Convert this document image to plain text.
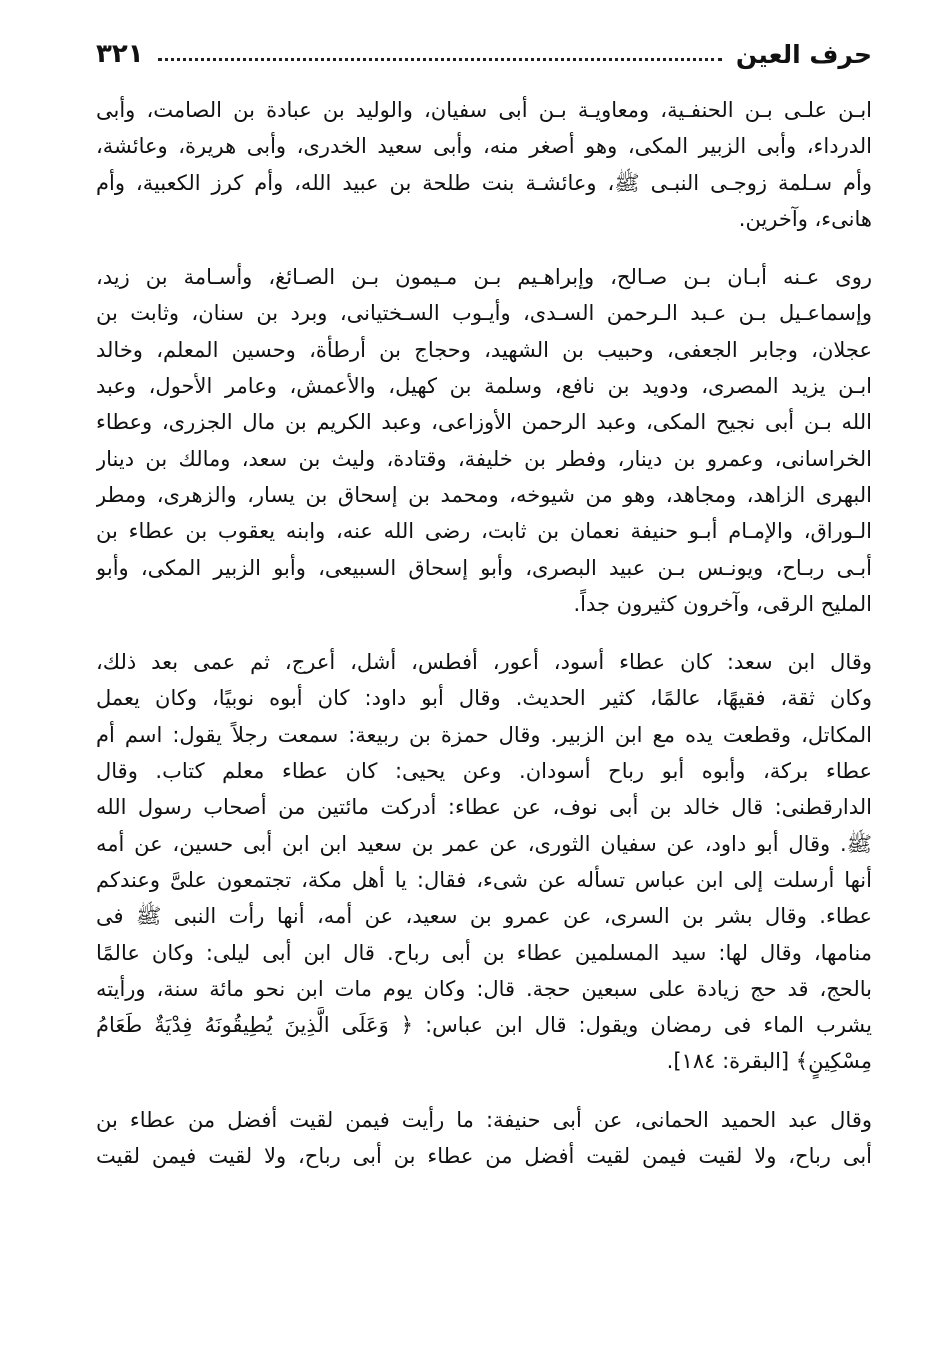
حرف العين
٣٢١
ابـن علـى بـن الحنفـية، ومعاويـة بـن أبى سفيان، والوليد بن عبادة بن الصامت، وأبى
الدرداء، وأبى الزبير المكى، وهو أصغر منه، وأبى سعيد الخدرى، وأبى هريرة، وعائشة،
وأم سـلمة زوجـى النبـى ﷺ، وعائشـة بنت طلحة بن عبيد الله، وأم كرز الكعبية، وأم
هانىء، وآخرين.
روى عـنه أبـان بـن صـالح، وإبراهـيم بـن مـيمون بـن الصـائغ، وأسـامة بن زيد،
وإسماعـيل بـن عـبد الـرحمن السـدى، وأيـوب السـختيانى، وبرد بن سنان، وثابت بن
عجلان، وجابر الجعفى، وحبيب بن الشهيد، وحجاج بن أرطأة، وحسين المعلم، وخالد
ابـن يزيد المصرى، ودويد بن نافع، وسلمة بن كهيل، والأعمش، وعامر الأحول، وعبد
الله بـن أبى نجيح المكى، وعبد الرحمن الأوزاعى، وعبد الكريم بن مال الجزرى، وعطاء
الخراسانى، وعمرو بن دينار، وفطر بن خليفة، وقتادة، وليث بن سعد، ومالك بن دينار
البهرى الزاهد، ومجاهد، وهو من شيوخه، ومحمد بن إسحاق بن يسار، والزهرى، ومطر
الـوراق، والإمـام أبـو حنيفة نعمان بن ثابت، رضى الله عنه، وابنه يعقوب بن عطاء بن
أبـى ربـاح، ويونـس بـن عبيد البصرى، وأبو إسحاق السبيعى، وأبو الزبير المكى، وأبو
المليح الرقى، وآخرون كثيرون جداً.
وقال ابن سعد: كان عطاء أسود، أعور، أفطس، أشل، أعرج، ثم عمى بعد ذلك،
وكان ثقة، فقيهًا، عالمًا، كثير الحديث. وقال أبو داود: كان أبوه نوبيًا، وكان يعمل
المكاتل، وقطعت يده مع ابن الزبير. وقال حمزة بن ربيعة: سمعت رجلاً يقول: اسم أم
عطاء بركة، وأبوه أبو رباح أسودان. وعن يحيى: كان عطاء معلم كتاب. وقال
الدارقطنى: قال خالد بن أبى نوف، عن عطاء: أدركت مائتين من أصحاب رسول الله
ﷺ. وقال أبو داود، عن سفيان الثورى، عن عمر بن سعيد ابن ابن أبى حسين، عن أمه
أنها أرسلت إلى ابن عباس تسأله عن شىء، فقال: يا أهل مكة، تجتمعون علىَّ وعندكم
عطاء. وقال بشر بن السرى، عن عمرو بن سعيد، عن أمه، أنها رأت النبى ﷺ فى
منامها، وقال لها: سيد المسلمين عطاء بن أبى رباح. قال ابن أبى ليلى: وكان عالمًا
بالحج، قد حج زيادة على سبعين حجة. قال: وكان يوم مات ابن نحو مائة سنة، ورأيته
يشرب الماء فى رمضان ويقول: قال ابن عباس: ﴿ وَعَلَى الَّذِينَ يُطِيقُونَهُ فِدْيَةٌ طَعَامُ
مِسْكِينٍ﴾ [البقرة: ١٨٤].
وقال عبد الحميد الحمانى، عن أبى حنيفة: ما رأيت فيمن لقيت أفضل من عطاء بن
أبى رباح، ولا لقيت فيمن لقيت أفضل من عطاء بن أبى رباح، ولا لقيت فيمن لقيت
